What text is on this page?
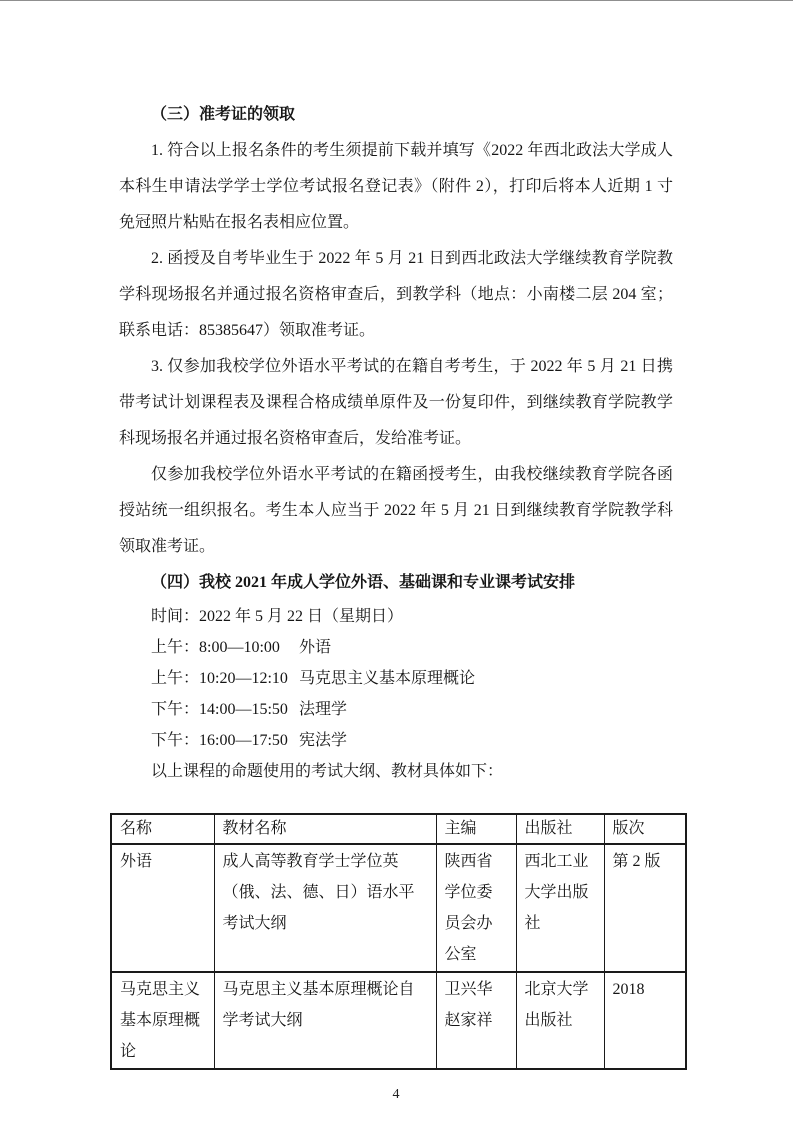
（三）准考证的领取

1. 符合以上报名条件的考生须提前下载并填写《2022 年西北政法大学成人本科生申请法学学士学位考试报名登记表》（附件 2），打印后将本人近期 1 寸免冠照片粘贴在报名表相应位置。

2. 函授及自考毕业生于 2022 年 5 月 21 日到西北政法大学继续教育学院教学科现场报名并通过报名资格审查后，到教学科（地点：小南楼二层 204 室；联系电话：85385647）领取准考证。

3. 仅参加我校学位外语水平考试的在籍自考考生，于 2022 年 5 月 21 日携带考试计划课程表及课程合格成绩单原件及一份复印件，到继续教育学院教学科现场报名并通过报名资格审查后，发给准考证。

仅参加我校学位外语水平考试的在籍函授考生，由我校继续教育学院各函授站统一组织报名。考生本人应当于 2022 年 5 月 21 日到继续教育学院教学科领取准考证。

（四）我校 2021 年成人学位外语、基础课和专业课考试安排
时间：2022 年 5 月 22 日（星期日）
上午：8:00—10:00 外语
上午：10:20—12:10 马克思主义基本原理概论
下午：14:00—15:50 法理学
下午：16:00—17:50 宪法学
以上课程的命题使用的考试大纲、教材具体如下：
名称	教材名称	主编	出版社	版次
外语	成人高等教育学士学位英（俄、法、德、日）语水平考试大纲	陕西省学位委员会办公室	西北工业大学出版社	第 2 版
马克思主义基本原理概论	马克思主义基本原理概论自学考试大纲	卫兴华 赵家祥	北京大学出版社	2018
4
